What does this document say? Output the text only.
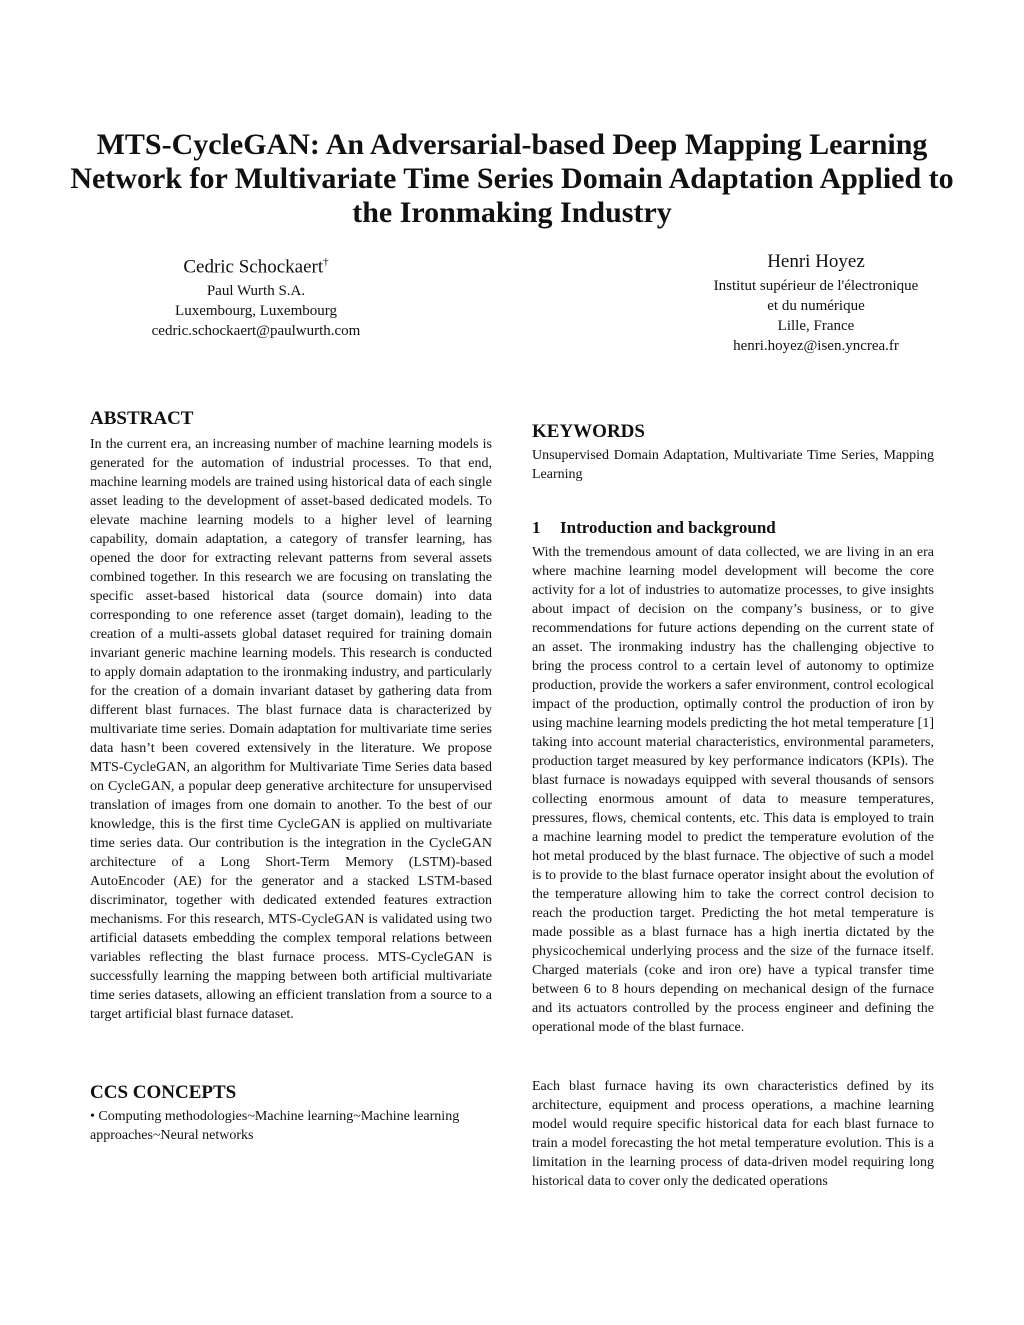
MTS-CycleGAN: An Adversarial-based Deep Mapping Learning Network for Multivariate Time Series Domain Adaptation Applied to the Ironmaking Industry
Cedric Schockaert†
Paul Wurth S.A.
Luxembourg, Luxembourg
cedric.schockaert@paulwurth.com
Henri Hoyez
Institut supérieur de l'électronique
et du numérique
Lille, France
henri.hoyez@isen.yncrea.fr
ABSTRACT

In the current era, an increasing number of machine learning models is generated for the automation of industrial processes. To that end, machine learning models are trained using historical data of each single asset leading to the development of asset-based dedicated models. To elevate machine learning models to a higher level of learning capability, domain adaptation, a category of transfer learning, has opened the door for extracting relevant patterns from several assets combined together. In this research we are focusing on translating the specific asset-based historical data (source domain) into data corresponding to one reference asset (target domain), leading to the creation of a multi-assets global dataset required for training domain invariant generic machine learning models. This research is conducted to apply domain adaptation to the ironmaking industry, and particularly for the creation of a domain invariant dataset by gathering data from different blast furnaces. The blast furnace data is characterized by multivariate time series. Domain adaptation for multivariate time series data hasn’t been covered extensively in the literature. We propose MTS-CycleGAN, an algorithm for Multivariate Time Series data based on CycleGAN, a popular deep generative architecture for unsupervised translation of images from one domain to another. To the best of our knowledge, this is the first time CycleGAN is applied on multivariate time series data. Our contribution is the integration in the CycleGAN architecture of a Long Short-Term Memory (LSTM)-based AutoEncoder (AE) for the generator and a stacked LSTM-based discriminator, together with dedicated extended features extraction mechanisms. For this research, MTS-CycleGAN is validated using two artificial datasets embedding the complex temporal relations between variables reflecting the blast furnace process. MTS-CycleGAN is successfully learning the mapping between both artificial multivariate time series datasets, allowing an efficient translation from a source to a target artificial blast furnace dataset.

CCS CONCEPTS

• Computing methodologies~Machine learning~Machine learning approaches~Neural networks

KEYWORDS

Unsupervised Domain Adaptation, Multivariate Time Series, Mapping Learning

1 Introduction and background

With the tremendous amount of data collected, we are living in an era where machine learning model development will become the core activity for a lot of industries to automatize processes, to give insights about impact of decision on the company’s business, or to give recommendations for future actions depending on the current state of an asset. The ironmaking industry has the challenging objective to bring the process control to a certain level of autonomy to optimize production, provide the workers a safer environment, control ecological impact of the production, optimally control the production of iron by using machine learning models predicting the hot metal temperature [1] taking into account material characteristics, environmental parameters, production target measured by key performance indicators (KPIs). The blast furnace is nowadays equipped with several thousands of sensors collecting enormous amount of data to measure temperatures, pressures, flows, chemical contents, etc. This data is employed to train a machine learning model to predict the temperature evolution of the hot metal produced by the blast furnace. The objective of such a model is to provide to the blast furnace operator insight about the evolution of the temperature allowing him to take the correct control decision to reach the production target. Predicting the hot metal temperature is made possible as a blast furnace has a high inertia dictated by the physicochemical underlying process and the size of the furnace itself. Charged materials (coke and iron ore) have a typical transfer time between 6 to 8 hours depending on mechanical design of the furnace and its actuators controlled by the process engineer and defining the operational mode of the blast furnace.

Each blast furnace having its own characteristics defined by its architecture, equipment and process operations, a machine learning model would require specific historical data for each blast furnace to train a model forecasting the hot metal temperature evolution. This is a limitation in the learning process of data-driven model requiring long historical data to cover only the dedicated operations
